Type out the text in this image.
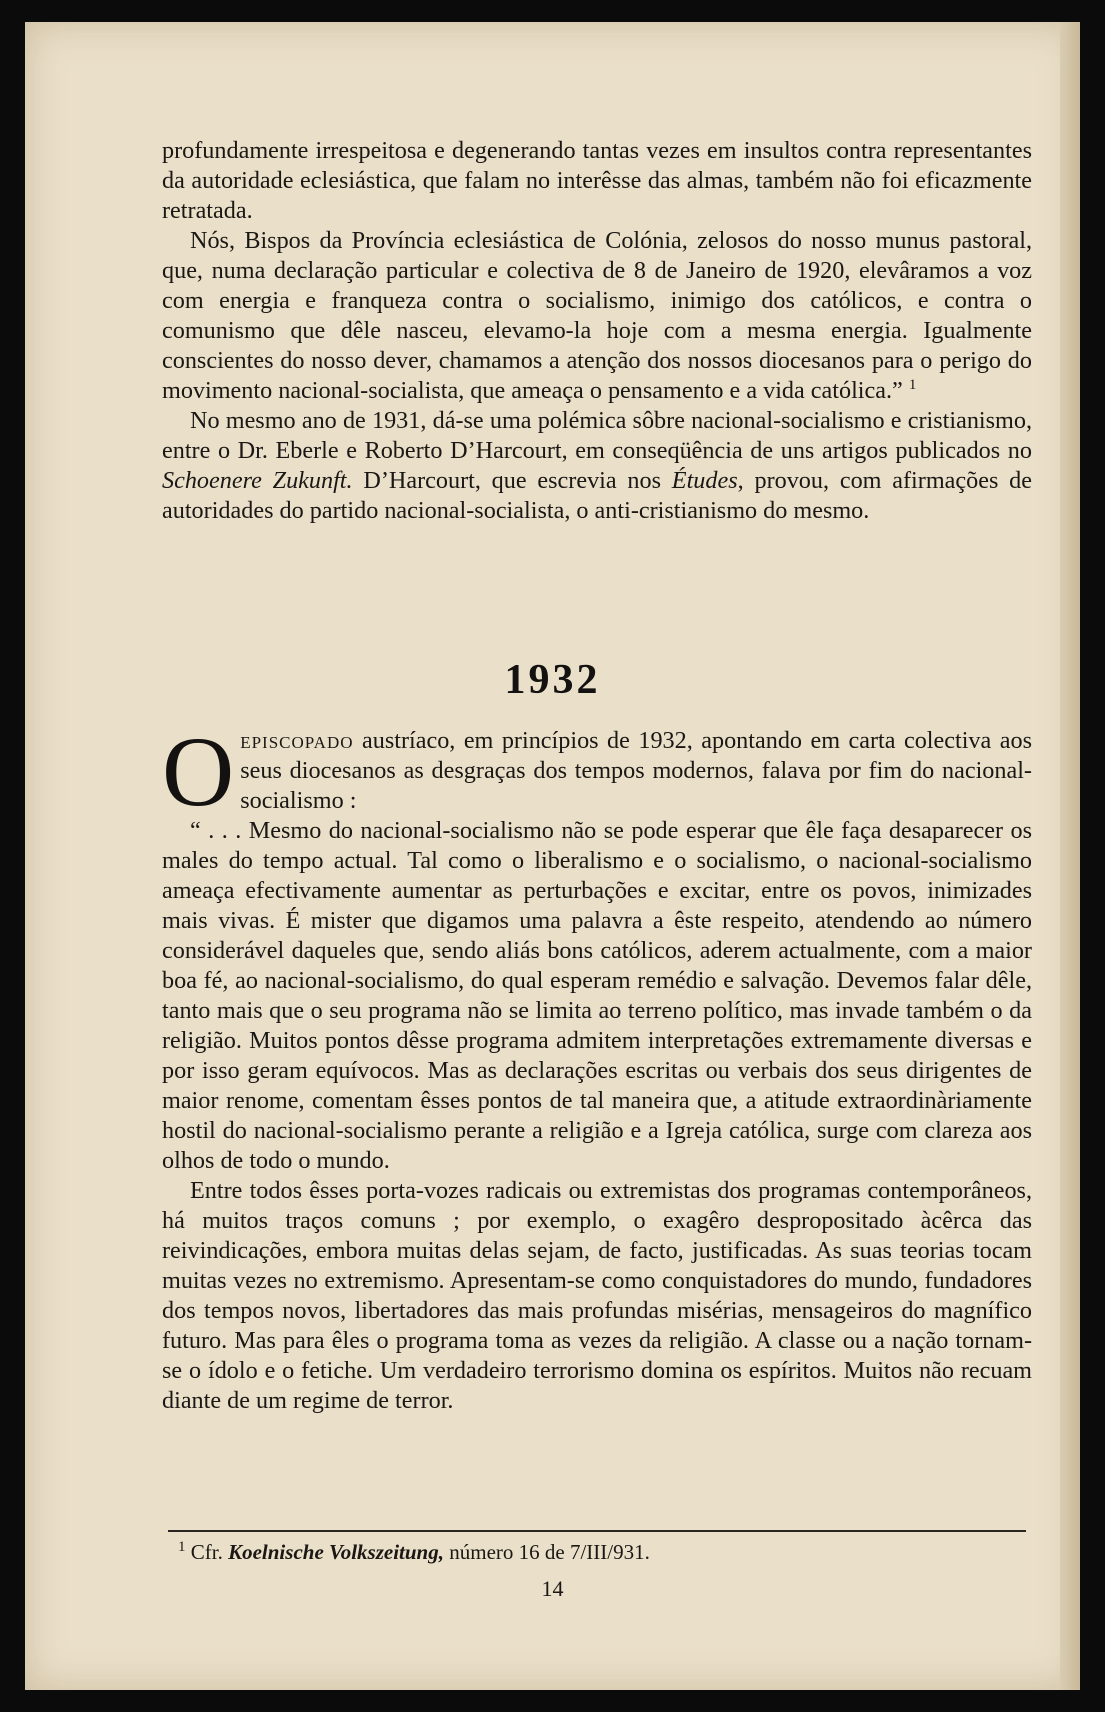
profundamente irrespeitosa e degenerando tantas vezes em insultos contra representantes da autoridade eclesiástica, que falam no interêsse das almas, também não foi eficazmente retratada.

Nós, Bispos da Província eclesiástica de Colónia, zelosos do nosso munus pastoral, que, numa declaração particular e colectiva de 8 de Janeiro de 1920, elevâramos a voz com energia e franqueza contra o socialismo, inimigo dos católicos, e contra o comunismo que dêle nasceu, elevamo-la hoje com a mesma energia. Igualmente conscientes do nosso dever, chamamos a atenção dos nossos diocesanos para o perigo do movimento nacional-socialista, que ameaça o pensamento e a vida católica.” $^1$

No mesmo ano de 1931, dá-se uma polémica sôbre nacional-socialismo e cristianismo, entre o Dr. Eberle e Roberto D’Harcourt, em conseqüência de uns artigos publicados no Schoenere Zukunft. D’Harcourt, que escrevia nos Études, provou, com afirmações de autoridades do partido nacional-socialista, o anti-cristianismo do mesmo.

1932

Oepiscopado austríaco, em princípios de 1932, apontando em carta colectiva aos seus diocesanos as desgraças dos tempos modernos, falava por fim do nacional-socialismo :

“ . . . Mesmo do nacional-socialismo não se pode esperar que êle faça desaparecer os males do tempo actual. Tal como o liberalismo e o socialismo, o nacional-socialismo ameaça efectivamente aumentar as perturbações e excitar, entre os povos, inimizades mais vivas. É mister que digamos uma palavra a êste respeito, atendendo ao número considerável daqueles que, sendo aliás bons católicos, aderem actualmente, com a maior boa fé, ao nacional-socialismo, do qual esperam remédio e salvação. Devemos falar dêle, tanto mais que o seu programa não se limita ao terreno político, mas invade também o da religião. Muitos pontos dêsse programa admitem interpretações extremamente diversas e por isso geram equívocos. Mas as declarações escritas ou verbais dos seus dirigentes de maior renome, comentam êsses pontos de tal maneira que, a atitude extraordinàriamente hostil do nacional-socialismo perante a religião e a Igreja católica, surge com clareza aos olhos de todo o mundo.

Entre todos êsses porta-vozes radicais ou extremistas dos programas contemporâneos, há muitos traços comuns ; por exemplo, o exagêro despropositado àcêrca das reivindicações, embora muitas delas sejam, de facto, justificadas. As suas teorias tocam muitas vezes no extremismo. Apresentam-se como conquistadores do mundo, fundadores dos tempos novos, libertadores das mais profundas misérias, mensageiros do magnífico futuro. Mas para êles o programa toma as vezes da religião. A classe ou a nação tornam-se o ídolo e o fetiche. Um verdadeiro terrorismo domina os espíritos. Muitos não recuam diante de um regime de terror.

$^1$ Cfr. Koelnische Volkszeitung, número 16 de 7/III/931.
14
